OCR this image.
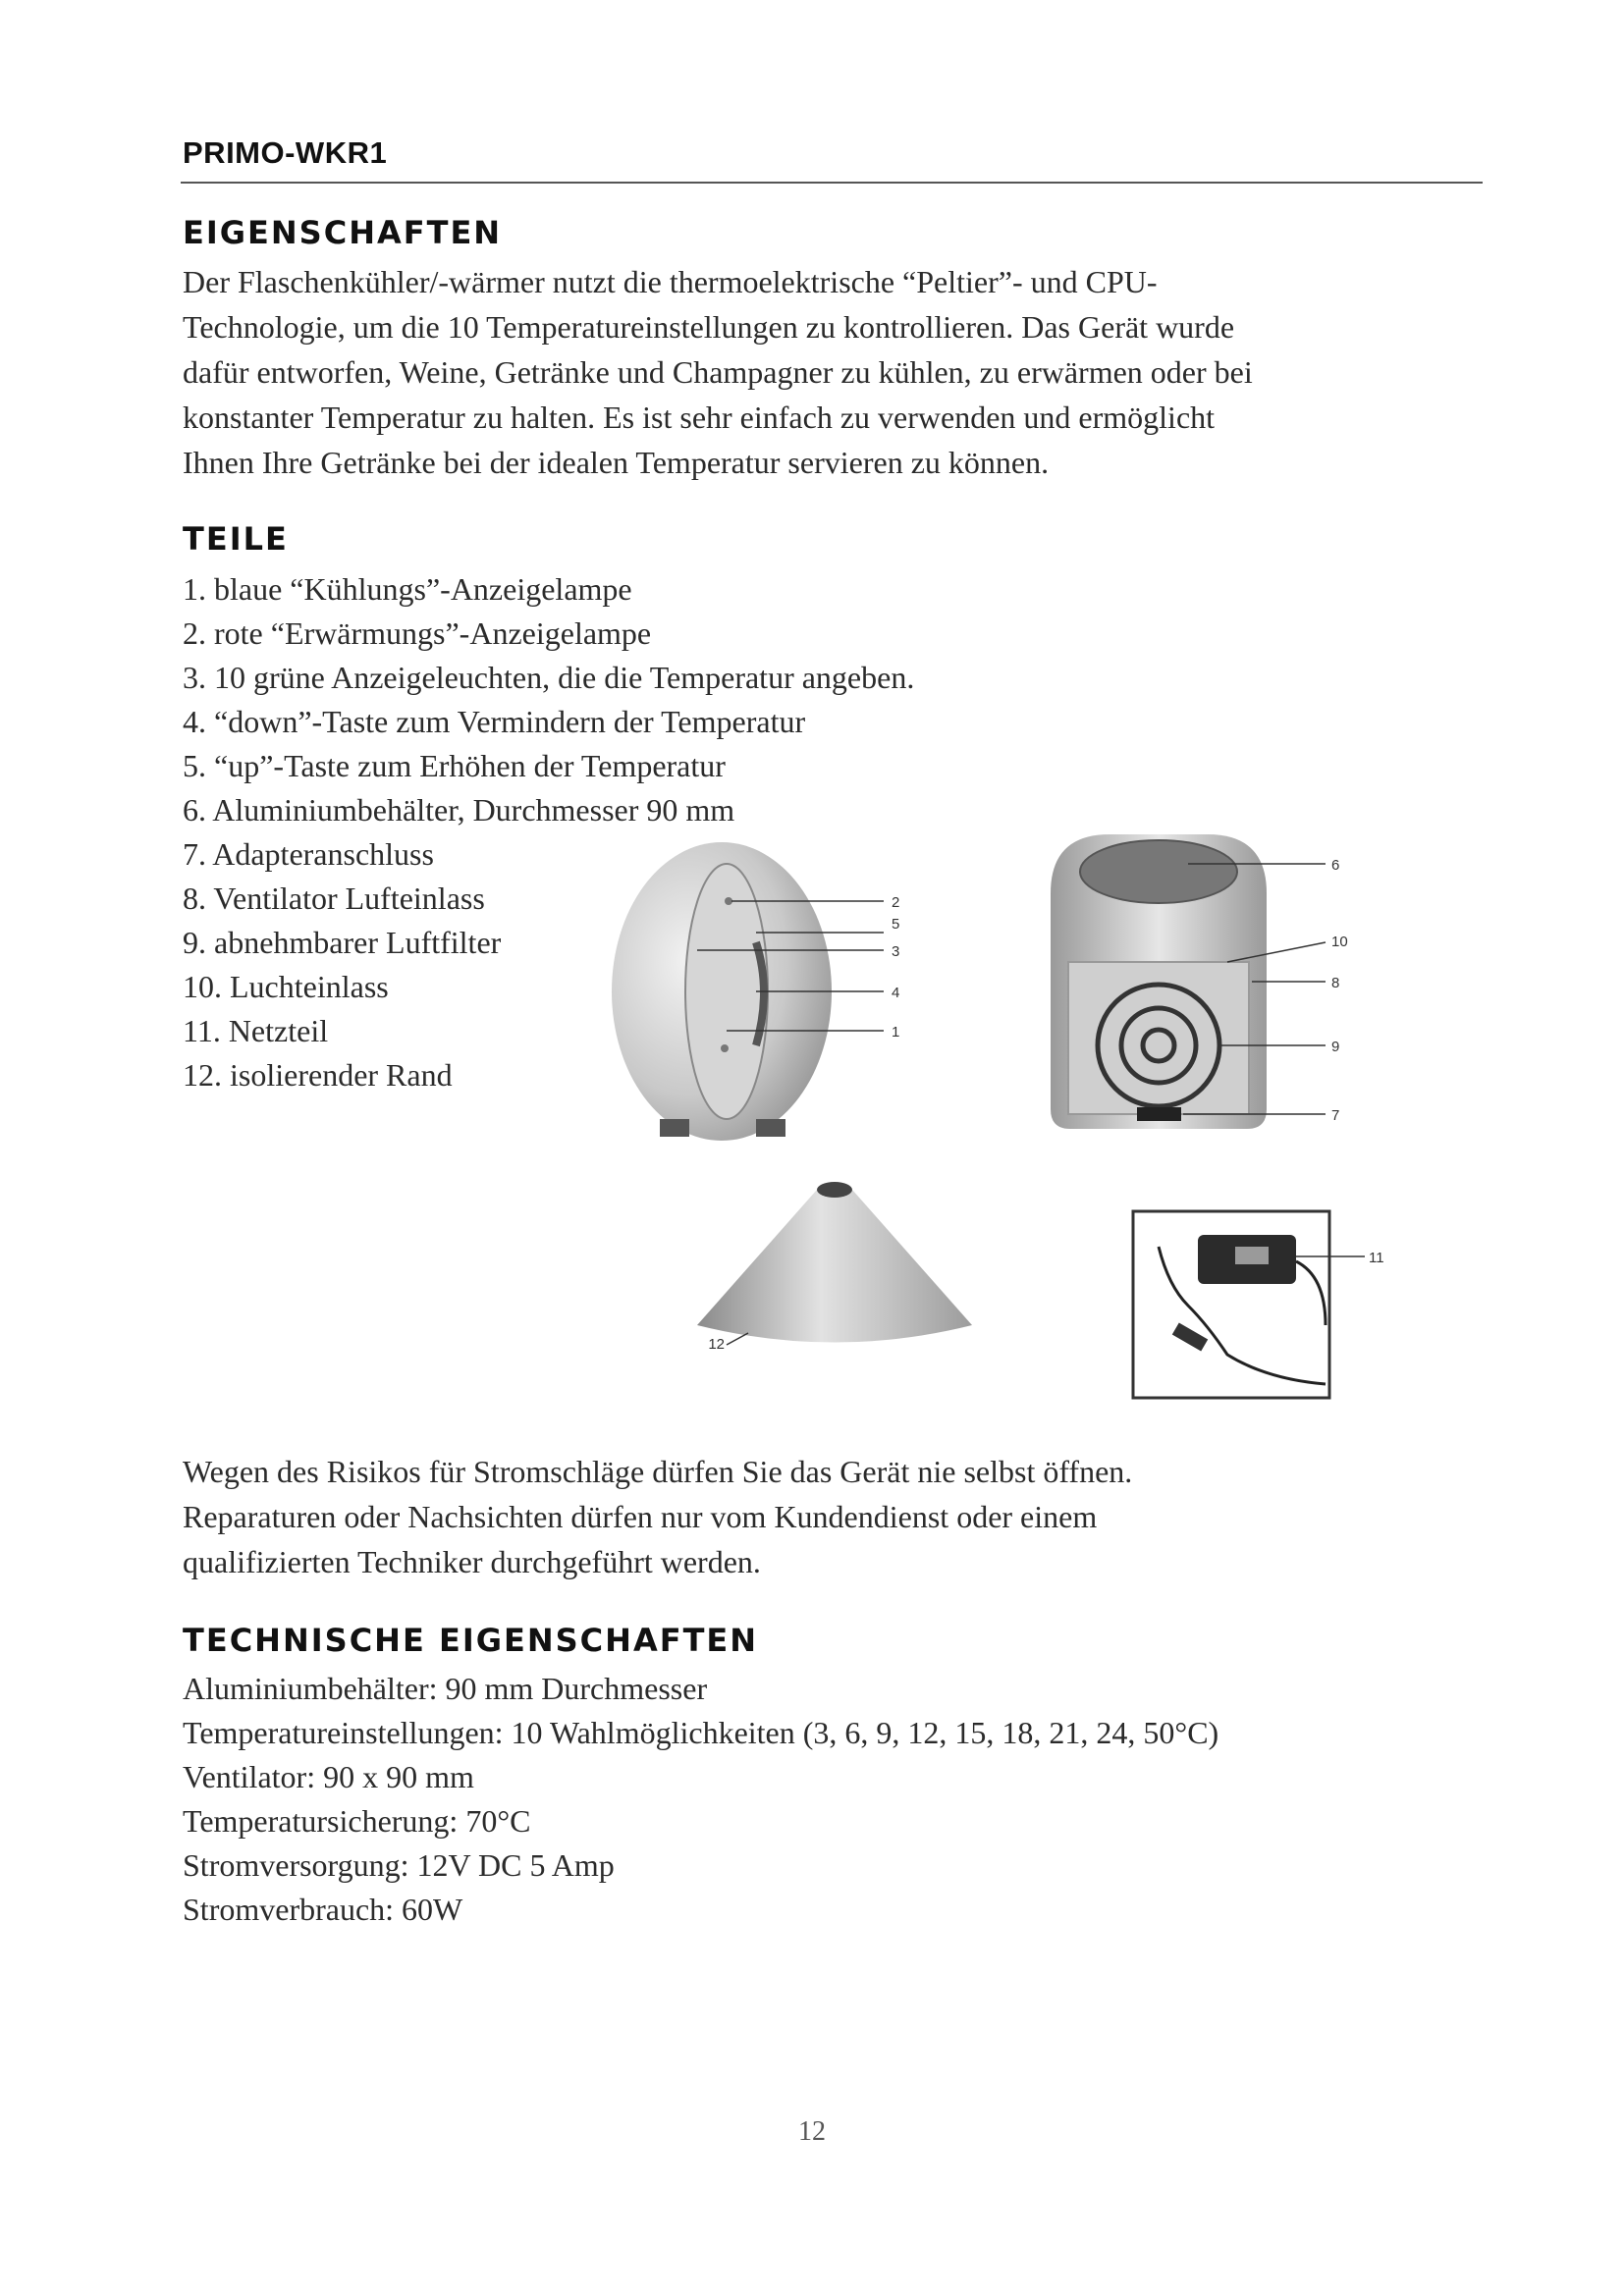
PRIMO-WKR1
EIGENSCHAFTEN
Der Flaschenkühler/-wärmer nutzt die thermoelektrische “Peltier”- und CPU-
Technologie, um die 10 Temperatureinstellungen zu kontrollieren. Das Gerät wurde
dafür entworfen, Weine, Getränke und Champagner zu kühlen, zu erwärmen oder bei
konstanter Temperatur zu halten. Es ist sehr einfach zu verwenden und ermöglicht
Ihnen Ihre Getränke bei der idealen Temperatur servieren zu können.
TEILE
1. blaue “Kühlungs”-Anzeigelampe
2. rote “Erwärmungs”-Anzeigelampe
3. 10 grüne Anzeigeleuchten, die die Temperatur angeben.
4. “down”-Taste zum Vermindern der Temperatur
5. “up”-Taste zum Erhöhen der Temperatur
6. Aluminiumbehälter, Durchmesser 90 mm
7. Adapteranschluss
8. Ventilator Lufteinlass
9. abnehmbarer Luftfilter
10. Luchteinlass
11. Netzteil
12. isolierender Rand
2
5
3
4
1
6
10
8
9
7
12
11
Wegen des Risikos für Stromschläge dürfen Sie das Gerät nie selbst öffnen.
Reparaturen oder Nachsichten dürfen nur vom Kundendienst oder einem
qualifizierten Techniker durchgeführt werden.
TECHNISCHE EIGENSCHAFTEN
Aluminiumbehälter: 90 mm Durchmesser
Temperatureinstellungen: 10 Wahlmöglichkeiten (3, 6, 9, 12, 15, 18, 21, 24, 50°C)
Ventilator: 90 x 90 mm
Temperatursicherung: 70°C
Stromversorgung: 12V DC 5 Amp
Stromverbrauch: 60W
12
